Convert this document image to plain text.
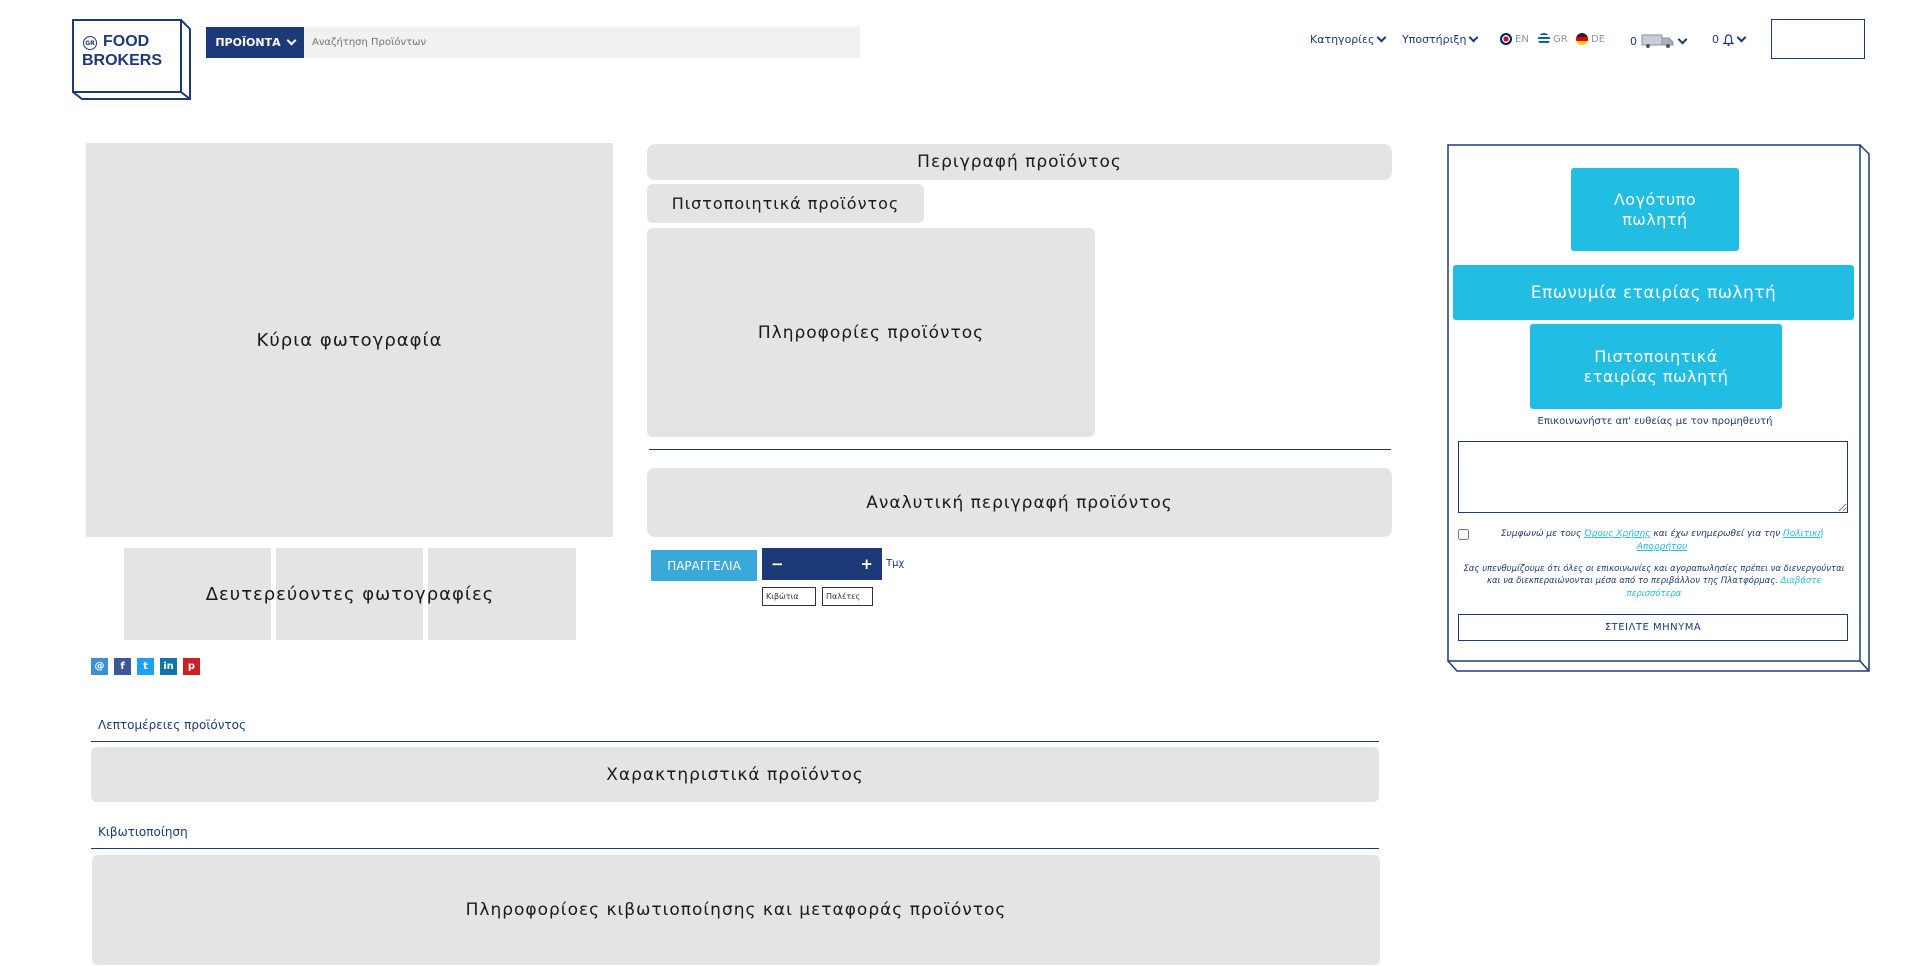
GR FOOD
BROKERS
ΠΡΟΪΟΝΤΑ
Αναζήτηση Προϊόντων	Κατηγορίες	Υποστήριξη	EN GR DE 0	0
Κύρια φωτογραφία
Δευτερεύοντες φωτογραφίες
@	f	t	in	p
Περιγραφή προϊόντος
Πιστοποιητικά προϊόντος
Πληροφορίες προϊόντος
Αναλυτική περιγραφή προϊόντος
ΠΑΡΑΓΓΕΛΙΑ	−	+ Τμχ
Κιβώτια	Παλέτες
Λεπτομέρειες προϊόντος
Χαρακτηριστικά προϊόντος
Κιβωτιοποίηση
Πληροφορίοες κιβωτιοποίησης και μεταφοράς προϊόντος
Λογότυπο πωλητή
Επωνυμία εταιρίας πωλητή
Πιστοποιητικά εταιρίας πωλητή
Επικοινωνήστε απ' ευθείας με τον προμηθευτή
Συμφωνώ με τους Όρους Χρήσης και έχω ενημερωθεί για την Πολιτική Απορρήτου
Σας υπενθυμίζουμε ότι όλες οι επικοινωνίες και αγοραπωλησίες πρέπει να διενεργούνται και να διεκπεραιώνονται μέσα από το περιβάλλον της Πλατφόρμας. Διαβάστε περισσότερα
ΣΤΕΙΛΤΕ ΜΗΝΥΜΑ
